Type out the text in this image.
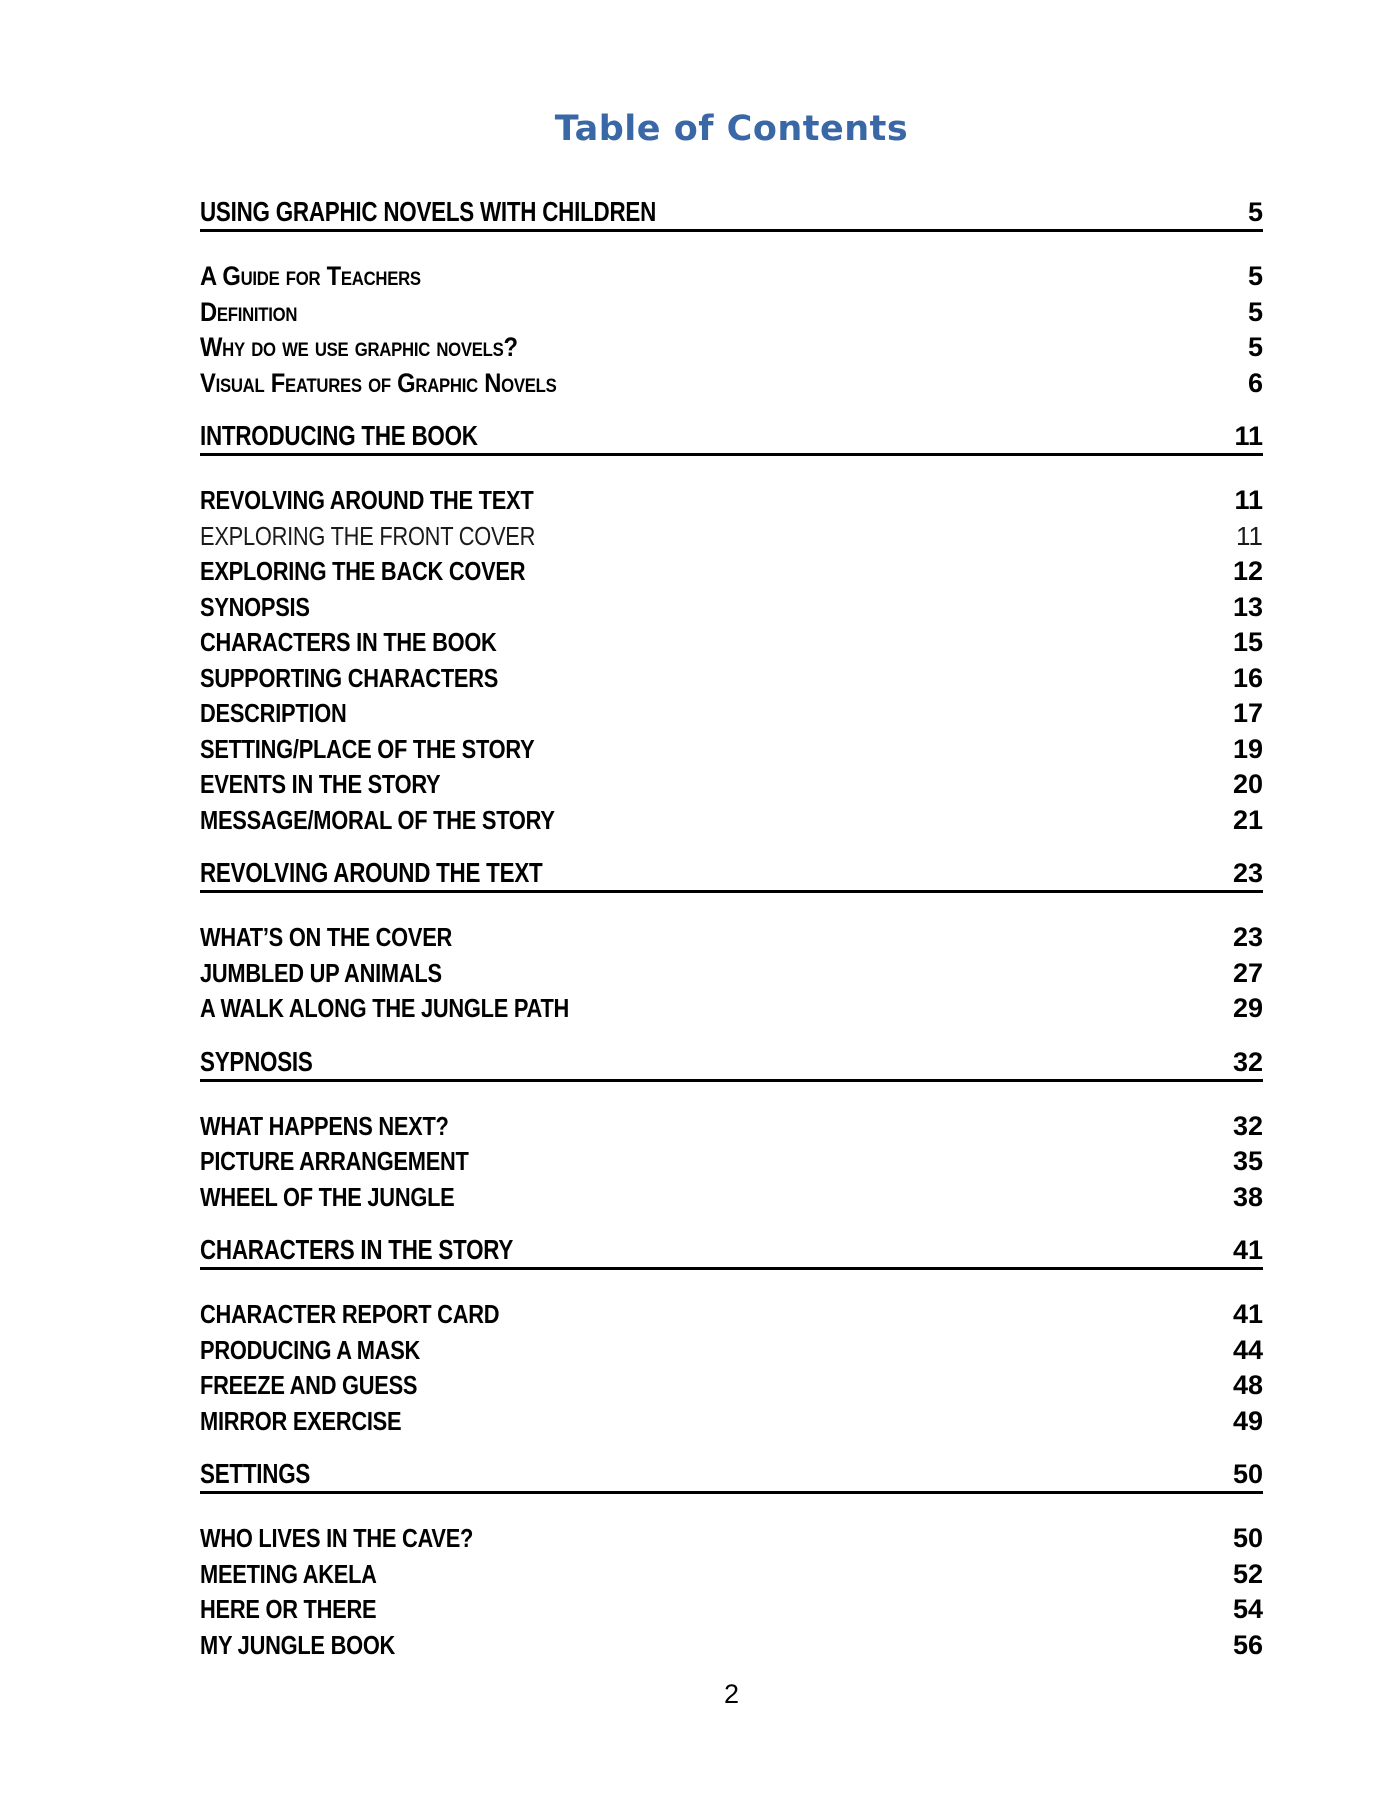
Table of Contents
USING GRAPHIC NOVELS WITH CHILDREN	5
A Guide for Teachers	5
Definition	5
Why do we use graphic novels?	5
Visual Features of Graphic Novels	6
INTRODUCING THE BOOK	11
REVOLVING AROUND THE TEXT	11
EXPLORING THE FRONT COVER	11
EXPLORING THE BACK COVER	12
SYNOPSIS	13
CHARACTERS IN THE BOOK	15
SUPPORTING CHARACTERS	16
DESCRIPTION	17
SETTING/PLACE OF THE STORY	19
EVENTS IN THE STORY	20
MESSAGE/MORAL OF THE STORY	21
REVOLVING AROUND THE TEXT	23
WHAT’S ON THE COVER	23
JUMBLED UP ANIMALS	27
A WALK ALONG THE JUNGLE PATH	29
SYPNOSIS	32
WHAT HAPPENS NEXT?	32
PICTURE ARRANGEMENT	35
WHEEL OF THE JUNGLE	38
CHARACTERS IN THE STORY	41
CHARACTER REPORT CARD	41
PRODUCING A MASK	44
FREEZE AND GUESS	48
MIRROR EXERCISE	49
SETTINGS	50
WHO LIVES IN THE CAVE?	50
MEETING AKELA	52
HERE OR THERE	54
MY JUNGLE BOOK	56
2
